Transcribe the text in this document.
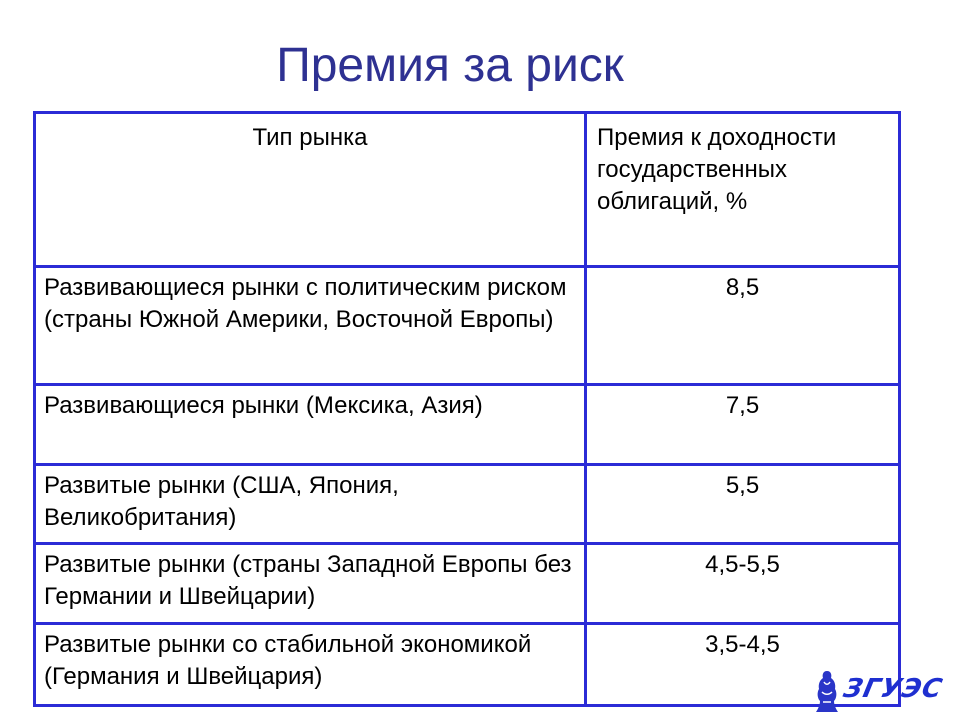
Премия за риск
Тип рынка	Премия к доходности государственных облигаций, %
Развивающиеся рынки с политическим риском (страны Южной Америки, Восточной Европы)	8,5
Развивающиеся рынки (Мексика, Азия)	7,5
Развитые рынки (США, Япония, Великобритания)	5,5
Развитые рынки (страны Западной Европы без Германии и Швейцарии)	4,5-5,5
Развитые рынки со стабильной экономикой (Германия и Швейцария)	3,5-4,5
ЗГУЭС
